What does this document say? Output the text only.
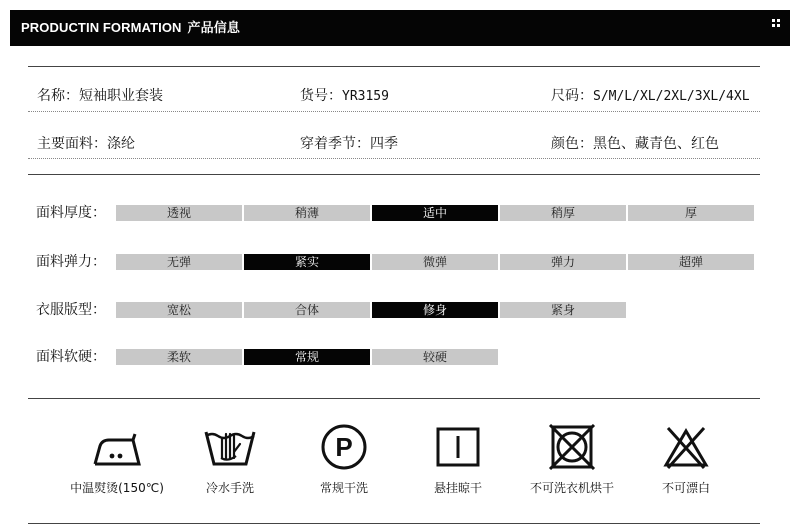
PRODUCTIN FORMATION 产品信息
名称：短袖职业套装	货号：YR3159	尺码：S/M/L/XL/2XL/3XL/4XL
主要面料：涤纶	穿着季节：四季	颜色：黑色、藏青色、红色
面料厚度：	透视	稍薄	适中	稍厚	厚
面料弹力：	无弹	紧实	微弹	弹力	超弹
衣服版型：	宽松	合体	修身	紧身
面料软硬：	柔软	常规	较硬
中温熨烫(150℃)	冷水手洗
P
常规干洗	悬挂晾干	不可洗衣机烘干	不可漂白
